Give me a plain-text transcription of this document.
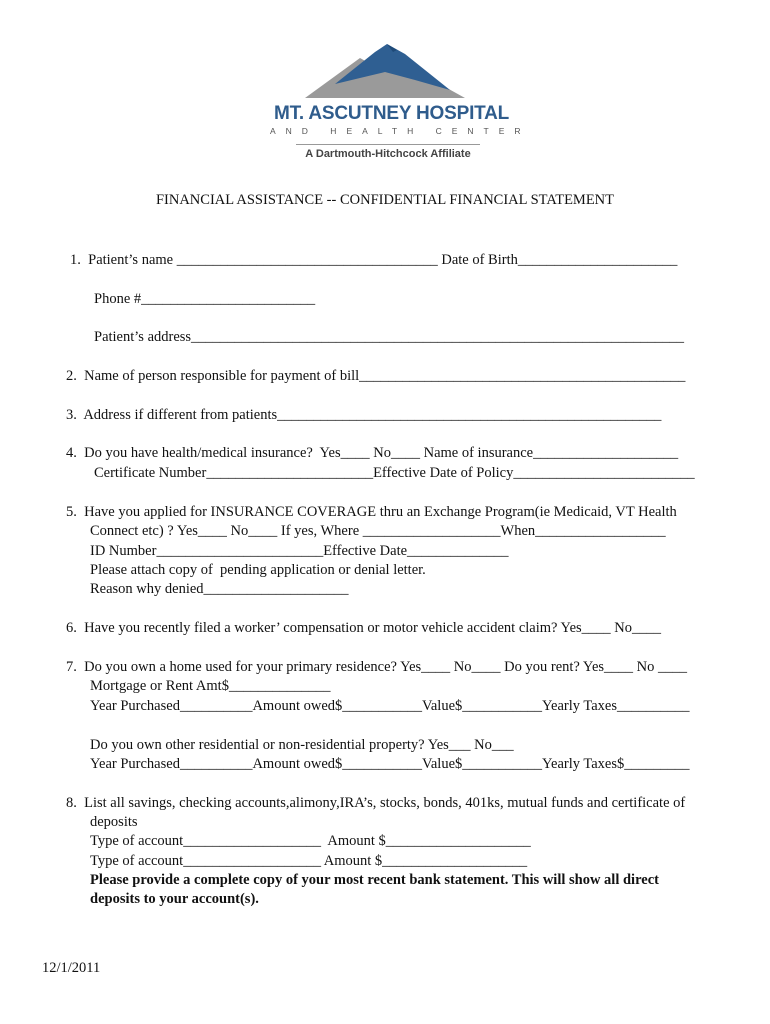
MT. ASCUTNEY HOSPITAL
AND HEALTH CENTER
A Dartmouth-Hitchcock Affiliate
FINANCIAL ASSISTANCE -- CONFIDENTIAL FINANCIAL STATEMENT
1.  Patient’s name ____________________________________ Date of Birth______________________
Phone #________________________
Patient’s address____________________________________________________________________
2.  Name of person responsible for payment of bill_____________________________________________
3.  Address if different from patients_____________________________________________________
4.  Do you have health/medical insurance?  Yes____ No____ Name of insurance____________________
Certificate Number_______________________Effective Date of Policy_________________________
5.  Have you applied for INSURANCE COVERAGE thru an Exchange Program(ie Medicaid, VT Health
Connect etc) ? Yes____ No____ If yes, Where ___________________When__________________
ID Number_______________________Effective Date______________
Please attach copy of  pending application or denial letter.
Reason why denied____________________
6.  Have you recently filed a worker’ compensation or motor vehicle accident claim? Yes____ No____
7.  Do you own a home used for your primary residence? Yes____ No____ Do you rent? Yes____ No ____
Mortgage or Rent Amt$______________
Year Purchased__________Amount owed$___________Value$___________Yearly Taxes__________
Do you own other residential or non-residential property? Yes___ No___
Year Purchased__________Amount owed$___________Value$___________Yearly Taxes$_________
8.  List all savings, checking accounts,alimony,IRA’s, stocks, bonds, 401ks, mutual funds and certificate of
deposits
Type of account___________________  Amount $____________________
Type of account___________________ Amount $____________________
Please provide a complete copy of your most recent bank statement. This will show all direct
deposits to your account(s).
12/1/2011
